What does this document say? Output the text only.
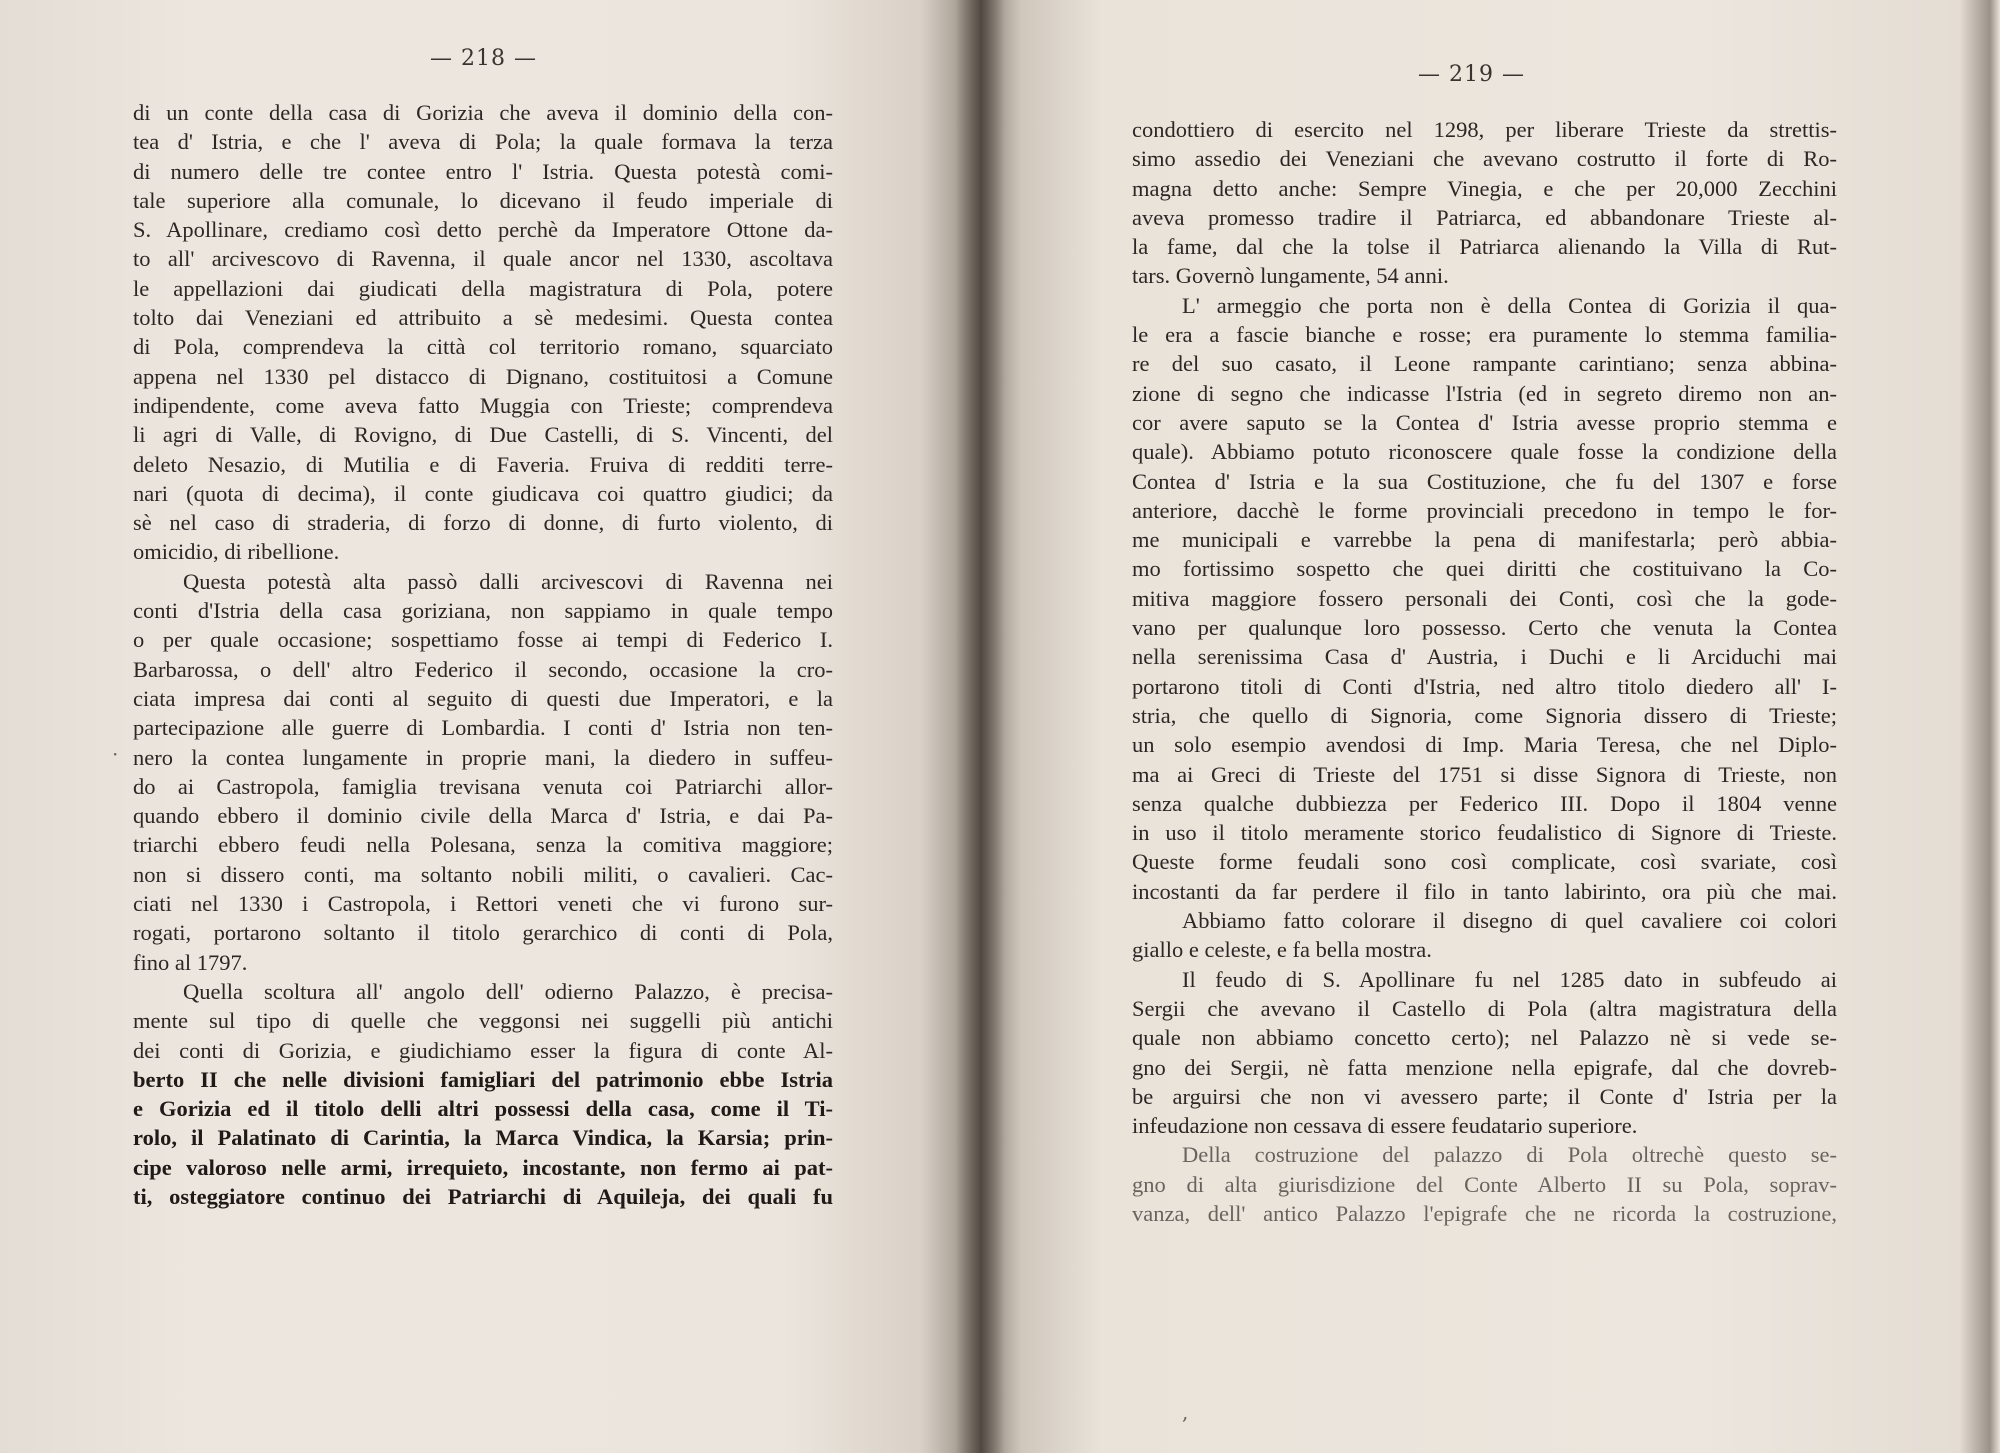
— 218 —
— 219 —
di un conte della casa di Gorizia che aveva il dominio della con-
tea d' Istria, e che l' aveva di Pola; la quale formava la terza
di numero delle tre contee entro l' Istria. Questa potestà comi-
tale superiore alla comunale, lo dicevano il feudo imperiale di
S. Apollinare, crediamo così detto perchè da Imperatore Ottone da-
to all' arcivescovo di Ravenna, il quale ancor nel 1330, ascoltava
le appellazioni dai giudicati della magistratura di Pola, potere
tolto dai Veneziani ed attribuito a sè medesimi. Questa contea
di Pola, comprendeva la città col territorio romano, squarciato
appena nel 1330 pel distacco di Dignano, costituitosi a Comune
indipendente, come aveva fatto Muggia con Trieste; comprendeva
li agri di Valle, di Rovigno, di Due Castelli, di S. Vincenti, del
deleto Nesazio, di Mutilia e di Faveria. Fruiva di redditi terre-
nari (quota di decima), il conte giudicava coi quattro giudici; da
sè nel caso di straderia, di forzo di donne, di furto violento, di
omicidio, di ribellione.
Questa potestà alta passò dalli arcivescovi di Ravenna nei
conti d'Istria della casa goriziana, non sappiamo in quale tempo
o per quale occasione; sospettiamo fosse ai tempi di Federico I.
Barbarossa, o dell' altro Federico il secondo, occasione la cro-
ciata impresa dai conti al seguito di questi due Imperatori, e la
partecipazione alle guerre di Lombardia. I conti d' Istria non ten-
nero la contea lungamente in proprie mani, la diedero in suffeu-
do ai Castropola, famiglia trevisana venuta coi Patriarchi allor-
quando ebbero il dominio civile della Marca d' Istria, e dai Pa-
triarchi ebbero feudi nella Polesana, senza la comitiva maggiore;
non si dissero conti, ma soltanto nobili militi, o cavalieri. Cac-
ciati nel 1330 i Castropola, i Rettori veneti che vi furono sur-
rogati, portarono soltanto il titolo gerarchico di conti di Pola,
fino al 1797.
Quella scoltura all' angolo dell' odierno Palazzo, è precisa-
mente sul tipo di quelle che veggonsi nei suggelli più antichi
dei conti di Gorizia, e giudichiamo esser la figura di conte Al-
berto II che nelle divisioni famigliari del patrimonio ebbe Istria
e Gorizia ed il titolo delli altri possessi della casa, come il Ti-
rolo, il Palatinato di Carintia, la Marca Vindica, la Karsia; prin-
cipe valoroso nelle armi, irrequieto, incostante, non fermo ai pat-
ti, osteggiatore continuo dei Patriarchi di Aquileja, dei quali fu
condottiero di esercito nel 1298, per liberare Trieste da strettis-
simo assedio dei Veneziani che avevano costrutto il forte di Ro-
magna detto anche: Sempre Vinegia, e che per 20,000 Zecchini
aveva promesso tradire il Patriarca, ed abbandonare Trieste al-
la fame, dal che la tolse il Patriarca alienando la Villa di Rut-
tars. Governò lungamente, 54 anni.
L' armeggio che porta non è della Contea di Gorizia il qua-
le era a fascie bianche e rosse; era puramente lo stemma familia-
re del suo casato, il Leone rampante carintiano; senza abbina-
zione di segno che indicasse l'Istria (ed in segreto diremo non an-
cor avere saputo se la Contea d' Istria avesse proprio stemma e
quale). Abbiamo potuto riconoscere quale fosse la condizione della
Contea d' Istria e la sua Costituzione, che fu del 1307 e forse
anteriore, dacchè le forme provinciali precedono in tempo le for-
me municipali e varrebbe la pena di manifestarla; però abbia-
mo fortissimo sospetto che quei diritti che costituivano la Co-
mitiva maggiore fossero personali dei Conti, così che la gode-
vano per qualunque loro possesso. Certo che venuta la Contea
nella serenissima Casa d' Austria, i Duchi e li Arciduchi mai
portarono titoli di Conti d'Istria, ned altro titolo diedero all' I-
stria, che quello di Signoria, come Signoria dissero di Trieste;
un solo esempio avendosi di Imp. Maria Teresa, che nel Diplo-
ma ai Greci di Trieste del 1751 si disse Signora di Trieste, non
senza qualche dubbiezza per Federico III. Dopo il 1804 venne
in uso il titolo meramente storico feudalistico di Signore di Trieste.
Queste forme feudali sono così complicate, così svariate, così
incostanti da far perdere il filo in tanto labirinto, ora più che mai.
Abbiamo fatto colorare il disegno di quel cavaliere coi colori
giallo e celeste, e fa bella mostra.
Il feudo di S. Apollinare fu nel 1285 dato in subfeudo ai
Sergii che avevano il Castello di Pola (altra magistratura della
quale non abbiamo concetto certo); nel Palazzo nè si vede se-
gno dei Sergii, nè fatta menzione nella epigrafe, dal che dovreb-
be arguirsi che non vi avessero parte; il Conte d' Istria per la
infeudazione non cessava di essere feudatario superiore.
Della costruzione del palazzo di Pola oltrechè questo se-
gno di alta giurisdizione del Conte Alberto II su Pola, soprav-
vanza, dell' antico Palazzo l'epigrafe che ne ricorda la costruzione,
·
,
